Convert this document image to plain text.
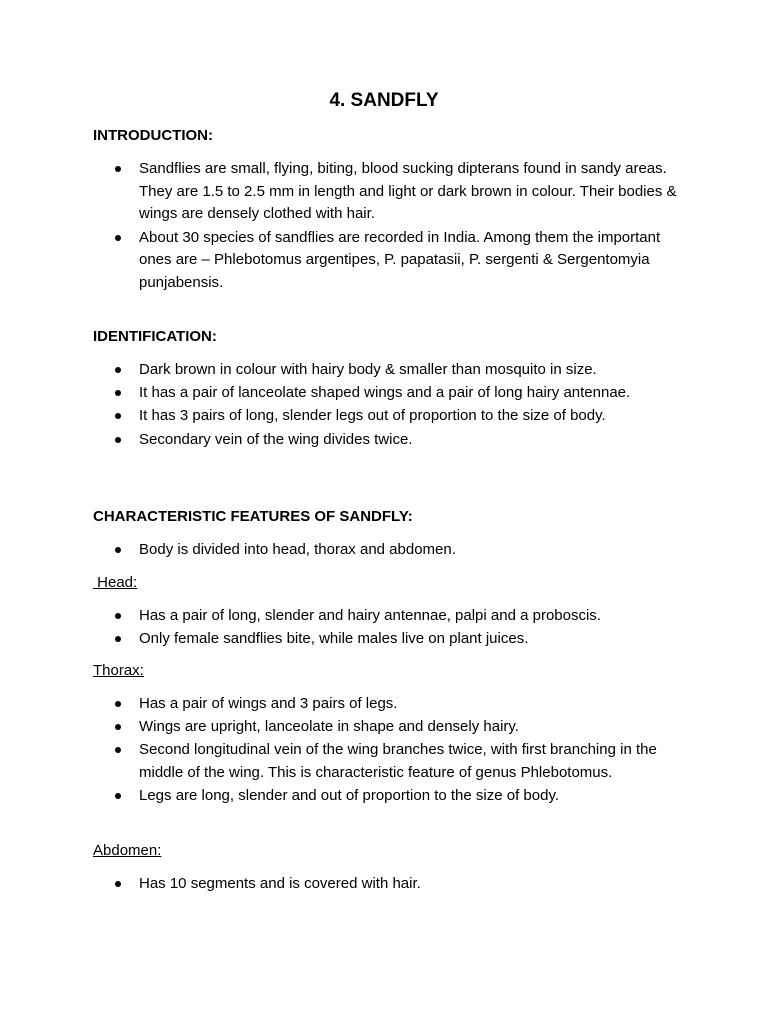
4. SANDFLY
INTRODUCTION:
Sandflies are small, flying, biting, blood sucking dipterans found in sandy areas. They are 1.5 to 2.5 mm in length and light or dark brown in colour. Their bodies & wings are densely clothed with hair.
About 30 species of sandflies are recorded in India. Among them the important ones are – Phlebotomus argentipes, P. papatasii, P. sergenti & Sergentomyia punjabensis.
IDENTIFICATION:
Dark brown in colour with hairy body & smaller than mosquito in size.
It has a pair of lanceolate shaped wings and a pair of long hairy antennae.
It has 3 pairs of long, slender legs out of proportion to the size of body.
Secondary vein of the wing divides twice.
CHARACTERISTIC FEATURES OF SANDFLY:
Body is divided into head, thorax and abdomen.
Head:
Has a pair of long, slender and hairy antennae, palpi and a proboscis.
Only female sandflies bite, while males live on plant juices.
Thorax:
Has a pair of wings and 3 pairs of legs.
Wings are upright, lanceolate in shape and densely hairy.
Second longitudinal vein of the wing branches twice, with first branching in the middle of the wing. This is characteristic feature of genus Phlebotomus.
Legs are long, slender and out of proportion to the size of body.
Abdomen:
Has 10 segments and is covered with hair.
